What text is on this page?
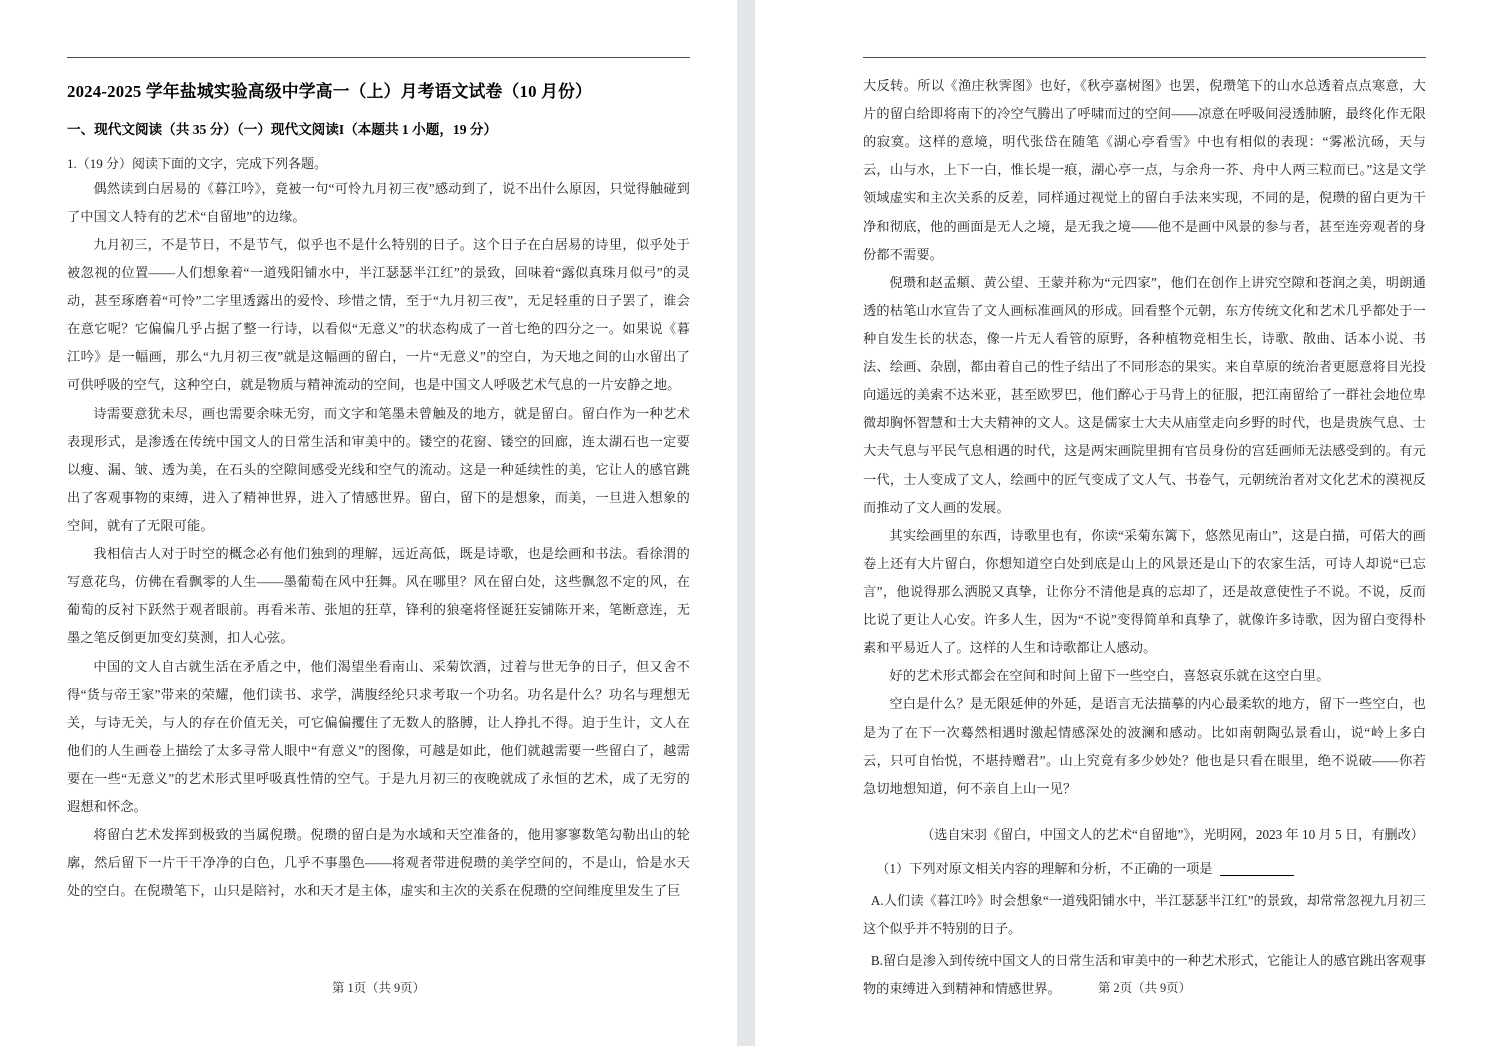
2024-2025 学年盐城实验高级中学高一（上）月考语文试卷（10 月份）
一、现代文阅读（共 35 分）（一）现代文阅读I（本题共 1 小题，19 分）
1.（19 分）阅读下面的文字，完成下列各题。

偶然读到白居易的《暮江吟》，竟被一句“可怜九月初三夜”感动到了，说不出什么原因，只觉得触碰到了中国文人特有的艺术“自留地”的边缘。

九月初三，不是节日，不是节气，似乎也不是什么特别的日子。这个日子在白居易的诗里，似乎处于被忽视的位置——人们想象着“一道残阳铺水中，半江瑟瑟半江红”的景致，回味着“露似真珠月似弓”的灵动，甚至琢磨着“可怜”二字里透露出的爱怜、珍惜之情，至于“九月初三夜”，无足轻重的日子罢了，谁会在意它呢？它偏偏几乎占据了整一行诗，以看似“无意义”的状态构成了一首七绝的四分之一。如果说《暮江吟》是一幅画，那么“九月初三夜”就是这幅画的留白，一片“无意义”的空白，为天地之间的山水留出了可供呼吸的空气，这种空白，就是物质与精神流动的空间，也是中国文人呼吸艺术气息的一片安静之地。

诗需要意犹未尽，画也需要余味无穷，而文字和笔墨未曾触及的地方，就是留白。留白作为一种艺术表现形式，是渗透在传统中国文人的日常生活和审美中的。镂空的花窗、镂空的回廊，连太湖石也一定要以瘦、漏、皱、透为美，在石头的空隙间感受光线和空气的流动。这是一种延续性的美，它让人的感官跳出了客观事物的束缚，进入了精神世界，进入了情感世界。留白，留下的是想象，而美，一旦进入想象的空间，就有了无限可能。

我相信古人对于时空的概念必有他们独到的理解，远近高低，既是诗歌，也是绘画和书法。看徐渭的写意花鸟，仿佛在看飘零的人生——墨葡萄在风中狂舞。风在哪里？风在留白处，这些飘忽不定的风，在葡萄的反衬下跃然于观者眼前。再看米芾、张旭的狂草，锋利的狼毫将怪诞狂妄铺陈开来，笔断意连，无墨之笔反倒更加变幻莫测，扣人心弦。

中国的文人自古就生活在矛盾之中，他们渴望坐看南山、采菊饮酒，过着与世无争的日子，但又舍不得“货与帝王家”带来的荣耀，他们读书、求学，满腹经纶只求考取一个功名。功名是什么？功名与理想无关，与诗无关，与人的存在价值无关，可它偏偏攫住了无数人的胳膊，让人挣扎不得。迫于生计，文人在他们的人生画卷上描绘了太多寻常人眼中“有意义”的图像，可越是如此，他们就越需要一些留白了，越需要在一些“无意义”的艺术形式里呼吸真性情的空气。于是九月初三的夜晚就成了永恒的艺术，成了无穷的遐想和怀念。

将留白艺术发挥到极致的当属倪瓒。倪瓒的留白是为水域和天空准备的，他用寥寥数笔勾勒出山的轮廓，然后留下一片干干净净的白色，几乎不事墨色——将观者带进倪瓒的美学空间的，不是山，恰是水天处的空白。在倪瓒笔下，山只是陪衬，水和天才是主体，虚实和主次的关系在倪瓒的空间维度里发生了巨

第 1页（共 9页）

大反转。所以《渔庄秋霁图》也好，《秋亭嘉树图》也罢，倪瓒笔下的山水总透着点点寒意，大片的留白给即将南下的冷空气腾出了呼啸而过的空间——凉意在呼吸间浸透肺腑，最终化作无限的寂寞。这样的意境，明代张岱在随笔《湖心亭看雪》中也有相似的表现：“雾凇沆砀，天与云，山与水，上下一白，惟长堤一痕，湖心亭一点，与余舟一芥、舟中人两三粒而已。”这是文学领域虚实和主次关系的反差，同样通过视觉上的留白手法来实现，不同的是，倪瓒的留白更为干净和彻底，他的画面是无人之境，是无我之境——他不是画中风景的参与者，甚至连旁观者的身份都不需要。

倪瓒和赵孟頫、黄公望、王蒙并称为“元四家”，他们在创作上讲究空隙和苍润之美，明朗通透的枯笔山水宣告了文人画标准画风的形成。回看整个元朝，东方传统文化和艺术几乎都处于一种自发生长的状态，像一片无人看管的原野，各种植物竞相生长，诗歌、散曲、话本小说、书法、绘画、杂剧，都由着自己的性子结出了不同形态的果实。来自草原的统治者更愿意将目光投向遥远的美索不达米亚，甚至欧罗巴，他们醉心于马背上的征服，把江南留给了一群社会地位卑微却胸怀智慧和士大夫精神的文人。这是儒家士大夫从庙堂走向乡野的时代，也是贵族气息、士大夫气息与平民气息相遇的时代，这是两宋画院里拥有官员身份的宫廷画师无法感受到的。有元一代，士人变成了文人，绘画中的匠气变成了文人气、书卷气，元朝统治者对文化艺术的漠视反而推动了文人画的发展。

其实绘画里的东西，诗歌里也有，你读“采菊东篱下，悠然见南山”，这是白描，可偌大的画卷上还有大片留白，你想知道空白处到底是山上的风景还是山下的农家生活，可诗人却说“已忘言”，他说得那么洒脱又真挚，让你分不清他是真的忘却了，还是故意使性子不说。不说，反而比说了更让人心安。许多人生，因为“不说”变得简单和真挚了，就像许多诗歌，因为留白变得朴素和平易近人了。这样的人生和诗歌都让人感动。

好的艺术形式都会在空间和时间上留下一些空白，喜怒哀乐就在这空白里。

空白是什么？是无限延伸的外延，是语言无法描摹的内心最柔软的地方，留下一些空白，也是为了在下一次蓦然相遇时激起情感深处的波澜和感动。比如南朝陶弘景看山，说“岭上多白云，只可自怡悦，不堪持赠君”。山上究竟有多少妙处？他也是只看在眼里，绝不说破——你若急切地想知道，何不亲自上山一见？

（选自宋羽《留白，中国文人的艺术“自留地”》，光明网，2023 年 10 月 5 日，有删改）

（1）下列对原文相关内容的理解和分析，不正确的一项是

A.人们读《暮江吟》时会想象“一道残阳铺水中，半江瑟瑟半江红”的景致，却常常忽视九月初三这个似乎并不特别的日子。

B.留白是渗入到传统中国文人的日常生活和审美中的一种艺术形式，它能让人的感官跳出客观事物的束缚进入到精神和情感世界。	第 2页（共 9页）
